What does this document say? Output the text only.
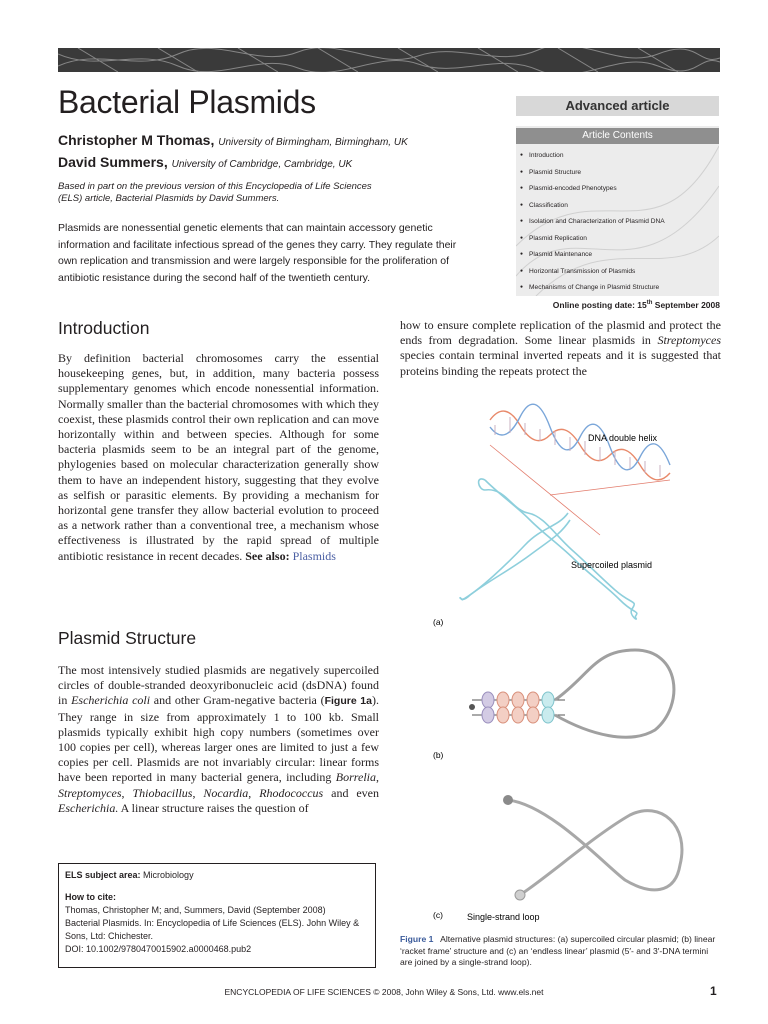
Bacterial Plasmids
Christopher M Thomas, University of Birmingham, Birmingham, UK
David Summers, University of Cambridge, Cambridge, UK
Based in part on the previous version of this Encyclopedia of Life Sciences (ELS) article, Bacterial Plasmids by David Summers.
Plasmids are nonessential genetic elements that can maintain accessory genetic information and facilitate infectious spread of the genes they carry. They regulate their own replication and transmission and were largely responsible for the proliferation of antibiotic resistance during the second half of the twentieth century.
Advanced article
Article Contents
● Introduction
● Plasmid Structure
● Plasmid-encoded Phenotypes
● Classification
● Isolation and Characterization of Plasmid DNA
● Plasmid Replication
● Plasmid Maintenance
● Horizontal Transmission of Plasmids
● Mechanisms of Change in Plasmid Structure
Online posting date: 15th September 2008
Introduction

By definition bacterial chromosomes carry the essential housekeeping genes, but, in addition, many bacteria possess supplementary genomes which encode nonessential information. Normally smaller than the bacterial chromosomes with which they coexist, these plasmids control their own replication and can move horizontally within and between species. Although for some bacteria plasmids seem to be an integral part of the genome, phylogenies based on molecular characterization generally show them to have an independent history, suggesting that they evolve as selfish or parasitic elements. By providing a mechanism for horizontal gene transfer they allow bacterial evolution to proceed as a network rather than a conventional tree, a mechanism whose effectiveness is illustrated by the rapid spread of multiple antibiotic resistance in recent decades. See also: Plasmids

Plasmid Structure

The most intensively studied plasmids are negatively supercoiled circles of double-stranded deoxyribonucleic acid (dsDNA) found in Escherichia coli and other Gram-negative bacteria (Figure 1a). They range in size from approximately 1 to 100 kb. Small plasmids typically exhibit high copy numbers (sometimes over 100 copies per cell), whereas larger ones are limited to just a few copies per cell. Plasmids are not invariably circular: linear forms have been reported in many bacterial genera, including Borrelia, Streptomyces, Thiobacillus, Nocardia, Rhodococcus and even Escherichia. A linear structure raises the question of

ELS subject area: Microbiology

How to cite:

Thomas, Christopher M; and, Summers, David (September 2008)

Bacterial Plasmids. In: Encyclopedia of Life Sciences (ELS). John Wiley &

Sons, Ltd: Chichester.

DOI: 10.1002/9780470015902.a0000468.pub2

how to ensure complete replication of the plasmid and protect the ends from degradation. Some linear plasmids in Streptomyces species contain terminal inverted repeats and it is suggested that proteins binding the repeats protect the

DNA double helix
Supercoiled plasmid
(a)
(b)
Single-strand loop
(c)
Figure 1 Alternative plasmid structures: (a) supercoiled circular plasmid; (b) linear ‘racket frame’ structure and (c) an ‘endless linear’ plasmid (5′- and 3′-DNA termini are joined by a single-strand loop).
ENCYCLOPEDIA OF LIFE SCIENCES © 2008, John Wiley & Sons, Ltd. www.els.net	1
